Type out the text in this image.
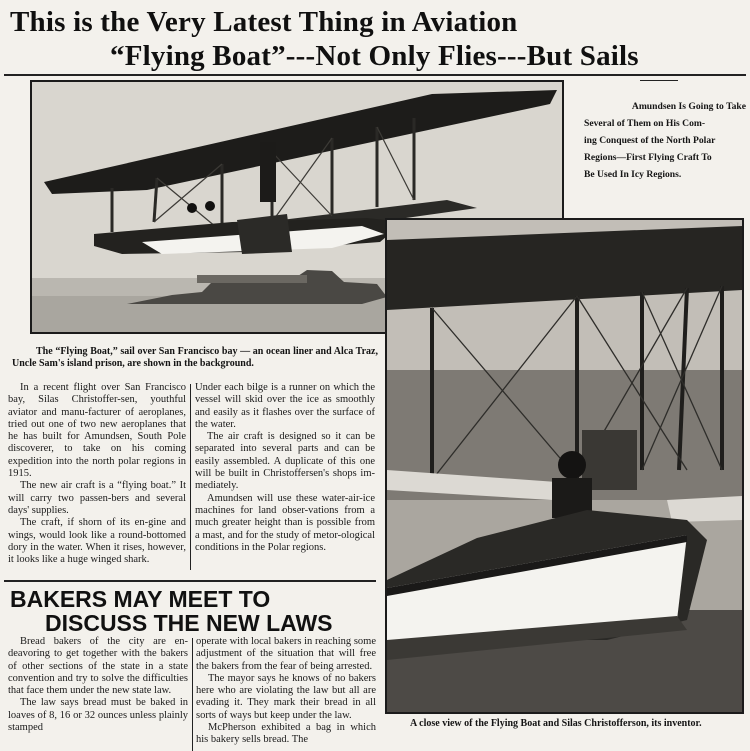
This is the Very Latest Thing in Aviation
“Flying Boat”---Not Only Flies---But Sails
Amundsen Is Going to Take
Several of Them on His Com-
ing Conquest of the North Polar
Regions—First Flying Craft To
Be Used In Icy Regions.
The “Flying Boat,” sail over San Francisco bay — an ocean liner and Alca Traz, Uncle Sam's island prison, are shown in the background.

In a recent flight over San Francisco bay, Silas Christoffer-sen, youthful aviator and manu-facturer of aeroplanes, tried out one of two new aeroplanes that he has built for Amundsen, South Pole discoverer, to take on his coming expedition into the north polar regions in 1915.

The new air craft is a “flying boat.” It will carry two passen-bers and several days' supplies.

The craft, if shorn of its en-gine and wings, would look like a round-bottomed dory in the water. When it rises, however, it looks like a huge winged shark.

Under each bilge is a runner on which the vessel will skid over the ice as smoothly and easily as it flashes over the surface of the water.

The air craft is designed so it can be separated into several parts and can be easily assembled. A duplicate of this one will be built in Christoffersen's shops im-mediately.

Amundsen will use these water-air-ice machines for land obser-vations from a much greater height than is possible from a mast, and for the study of metor-ological conditions in the Polar regions.

A close view of the Flying Boat and Silas Christofferson, its inventor.
BAKERS MAY MEET TO
DISCUSS THE NEW LAWS

Bread bakers of the city are en-deavoring to get together with the bakers of other sections of the state in a state convention and try to solve the difficulties that face them under the new state law.

The law says bread must be baked in loaves of 8, 16 or 32 ounces unless plainly stamped

operate with local bakers in reaching some adjustment of the situation that will free the bakers from the fear of being arrested.

The mayor says he knows of no bakers here who are violating the law but all are evading it. They mark their bread in all sorts of ways but keep under the law.

McPherson exhibited a bag in which his bakery sells bread. The
